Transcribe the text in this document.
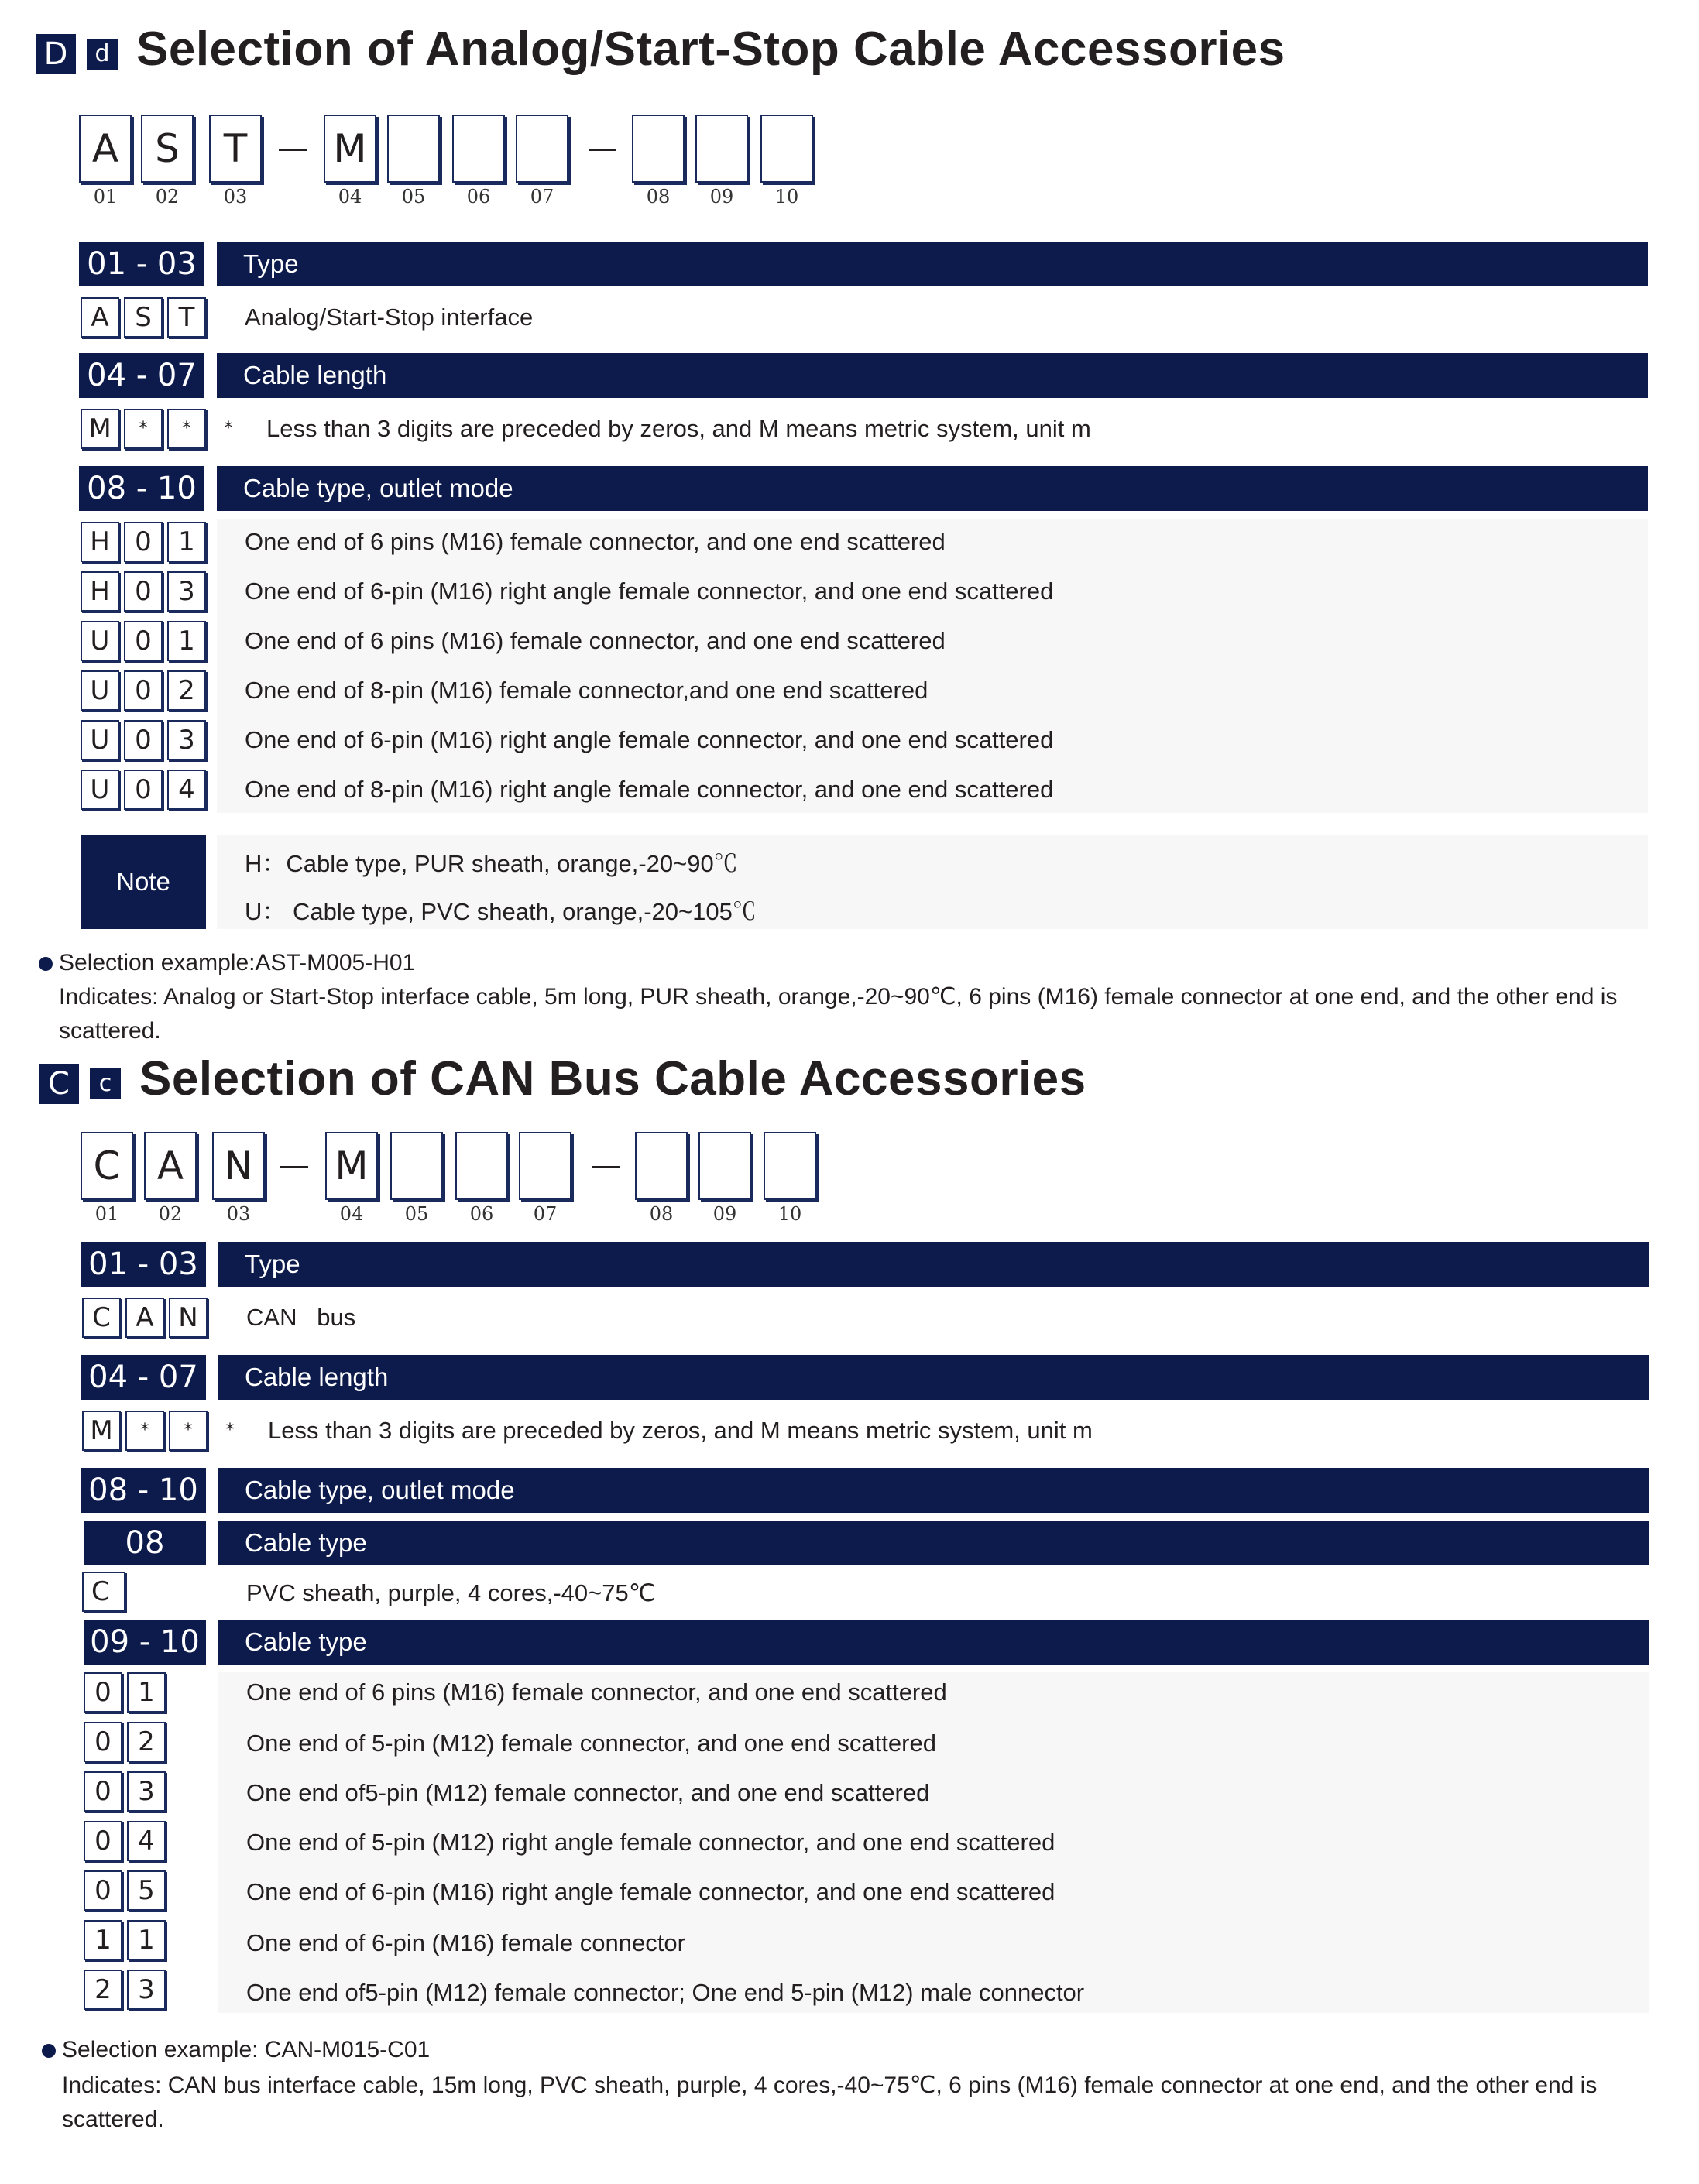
D	d Selection of Analog/Start-Stop Cable Accessories
A S	T	M
01	02	03	04	05	06	07	08	09	10
01 - 03	Type
A S	T	Analog/Start-Stop interface
04 - 07	Cable length
M	*	*	*	Less than 3 digits are preceded by zeros, and M means metric system, unit m
08 - 10	Cable type, outlet mode
H 0	1	One end of 6 pins (M16) female connector, and one end scattered
H 0	3	One end of 6-pin (M16) right angle female connector, and one end scattered
U 0	1	One end of 6 pins (M16) female connector, and one end scattered
U 0	2	One end of 8-pin (M16) female connector,and one end scattered
U 0	3	One end of 6-pin (M16) right angle female connector, and one end scattered
U 0	4	One end of 8-pin (M16) right angle female connector, and one end scattered
Note
H：Cable type, PUR sheath, orange,-20~90℃
U： Cable type, PVC sheath, orange,-20~105℃
Selection example:AST-M005-H01
Indicates: Analog or Start-Stop interface cable, 5m long, PUR sheath, orange,-20~90℃, 6 pins (M16) female connector at one end, and the other end is scattered.
C	c Selection of CAN Bus Cable Accessories
C A	N	M
01	02	03	04	05	06	07	08	09	10
01 - 03	Type
C A N	CAN   bus
04 - 07	Cable length
M	*	*	*	Less than 3 digits are preceded by zeros, and M means metric system, unit m
08 - 10	Cable type, outlet mode
08	Cable type
C	PVC sheath, purple, 4 cores,-40~75℃
09 - 10	Cable type
0	1	One end of 6 pins (M16) female connector, and one end scattered
0	2	One end of 5-pin (M12) female connector, and one end scattered
0	3	One end of5-pin (M12) female connector, and one end scattered
0	4	One end of 5-pin (M12) right angle female connector, and one end scattered
0	5	One end of 6-pin (M16) right angle female connector, and one end scattered
1	1	One end of 6-pin (M16) female connector
2	3	One end of5-pin (M12) female connector; One end 5-pin (M12) male connector
Selection example: CAN-M015-C01
Indicates: CAN bus interface cable, 15m long, PVC sheath, purple, 4 cores,-40~75℃, 6 pins (M16) female connector at one end, and the other end is scattered.
